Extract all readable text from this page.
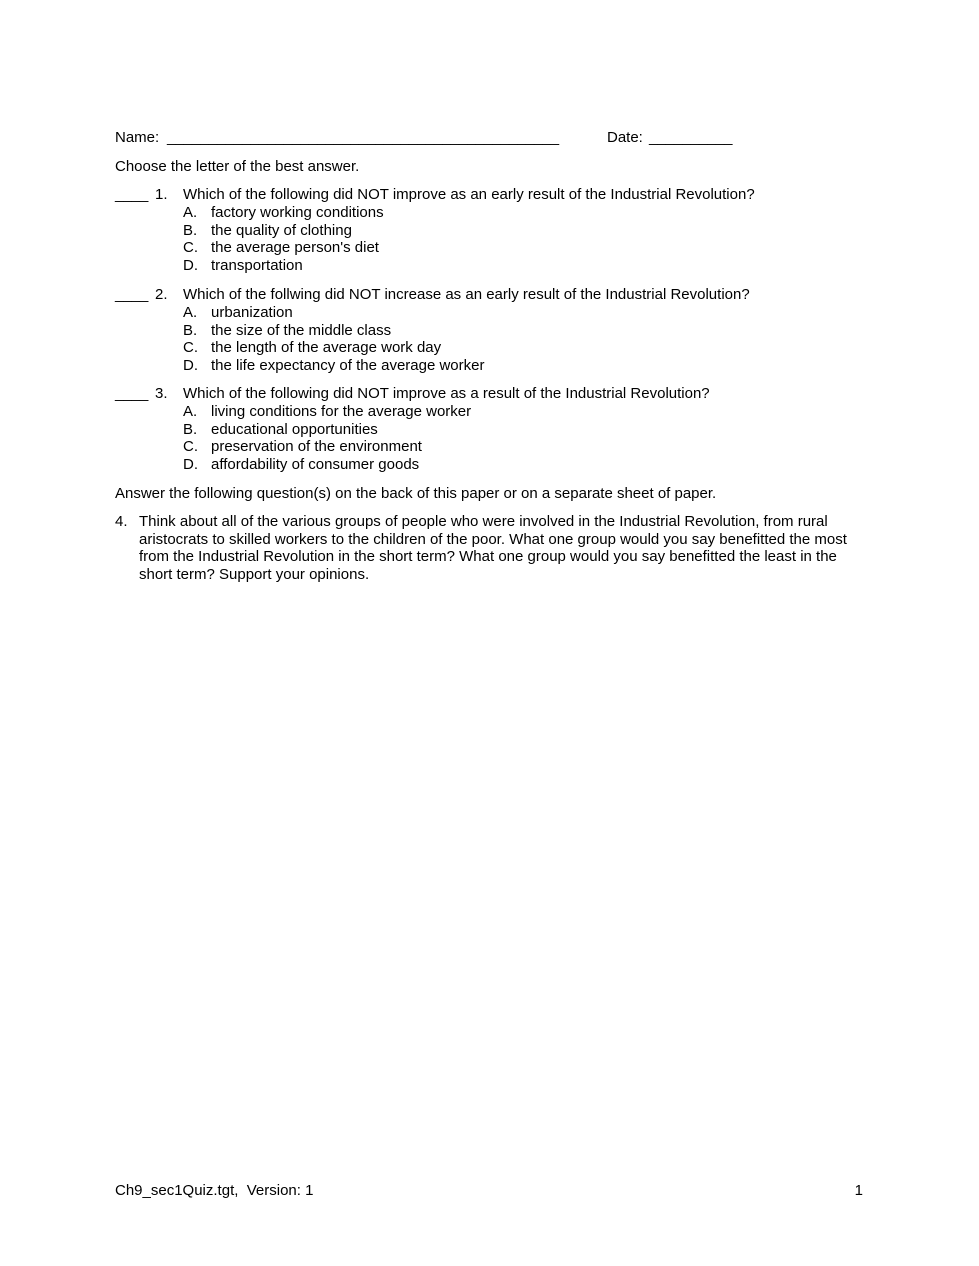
Name: _______________________________________________	Date: __________
Choose the letter of the best answer.
____ 1. Which of the following did NOT improve as an early result of the Industrial Revolution?
A. factory working conditions
B. the quality of clothing
C. the average person's diet
D. transportation
____ 2. Which of the follwing did NOT increase as an early result of the Industrial Revolution?
A. urbanization
B. the size of the middle class
C. the length of the average work day
D. the life expectancy of the average worker
____ 3. Which of the following did NOT improve as a result of the Industrial Revolution?
A. living conditions for the average worker
B. educational opportunities
C. preservation of the environment
D. affordability of consumer goods
Answer the following question(s) on the back of this paper or on a separate sheet of paper.
4. Think about all of the various groups of people who were involved in the Industrial Revolution, from rural
aristocrats to skilled workers to the children of the poor. What one group would you say benefitted the most
from the Industrial Revolution in the short term? What one group would you say benefitted the least in the
short term? Support your opinions.
Ch9_sec1Quiz.tgt,  Version: 1	1
